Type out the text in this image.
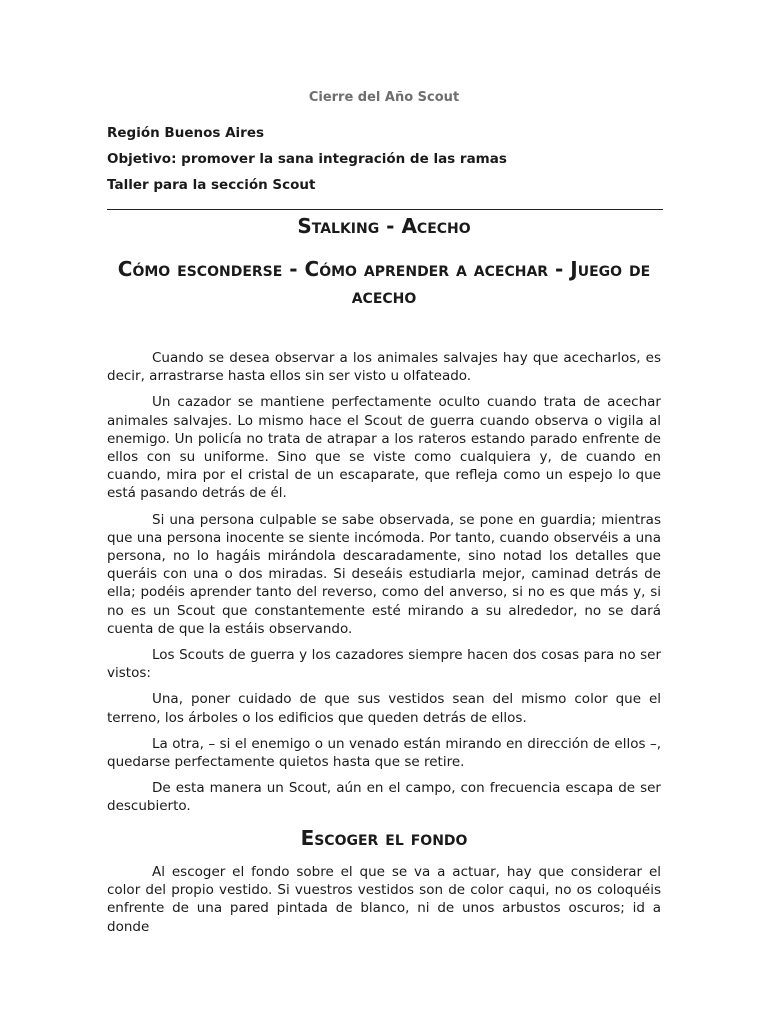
Cierre del Año Scout
Región Buenos Aires
Objetivo: promover la sana integración de las ramas
Taller para la sección Scout
Stalking - Acecho
Cómo esconderse - Cómo aprender a acechar - Juego de acecho

Cuando se desea observar a los animales salvajes hay que acecharlos, es decir, arrastrarse hasta ellos sin ser visto u olfateado.

Un cazador se mantiene perfectamente oculto cuando trata de acechar animales salvajes. Lo mismo hace el Scout de guerra cuando observa o vigila al enemigo. Un policía no trata de atrapar a los rateros estando parado enfrente de ellos con su uniforme. Sino que se viste como cualquiera y, de cuando en cuando, mira por el cristal de un escaparate, que refleja como un espejo lo que está pasando detrás de él.

Si una persona culpable se sabe observada, se pone en guardia; mientras que una persona inocente se siente incómoda. Por tanto, cuando observéis a una persona, no lo hagáis mirándola descaradamente, sino notad los detalles que queráis con una o dos miradas. Si deseáis estudiarla mejor, caminad detrás de ella; podéis aprender tanto del reverso, como del anverso, si no es que más y, si no es un Scout que constantemente esté mirando a su alrededor, no se dará cuenta de que la estáis observando.

Los Scouts de guerra y los cazadores siempre hacen dos cosas para no ser vistos:

Una, poner cuidado de que sus vestidos sean del mismo color que el terreno, los árboles o los edificios que queden detrás de ellos.

La otra, – si el enemigo o un venado están mirando en dirección de ellos –, quedarse perfectamente quietos hasta que se retire.

De esta manera un Scout, aún en el campo, con frecuencia escapa de ser descubierto.

Escoger el fondo

Al escoger el fondo sobre el que se va a actuar, hay que considerar el color del propio vestido. Si vuestros vestidos son de color caqui, no os coloquéis enfrente de una pared pintada de blanco, ni de unos arbustos oscuros; id a donde
